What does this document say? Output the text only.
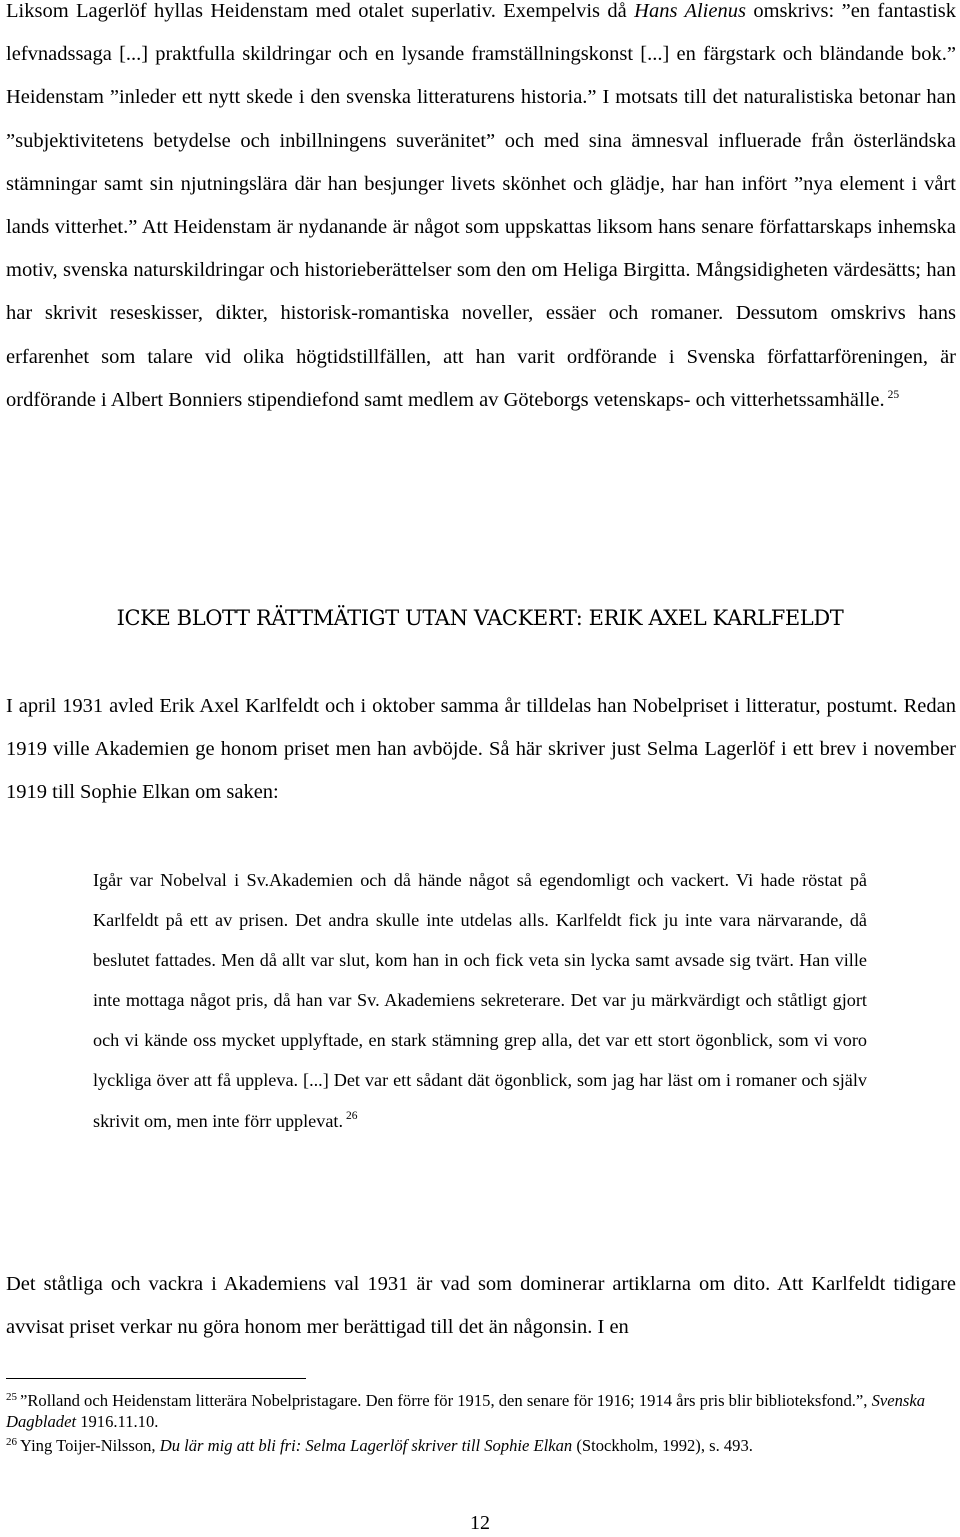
Liksom Lagerlöf hyllas Heidenstam med otalet superlativ. Exempelvis då Hans Alienus omskrivs: ”en fantastisk lefvnadssaga [...] praktfulla skildringar och en lysande framställningskonst [...] en färgstark och bländande bok.” Heidenstam ”inleder ett nytt skede i den svenska litteraturens historia.” I motsats till det naturalistiska betonar han ”subjektivitetens betydelse och inbillningens suveränitet” och med sina ämnesval influerade från österländska stämningar samt sin njutningslära där han besjunger livets skönhet och glädje, har han infört ”nya element i vårt lands vitterhet.” Att Heidenstam är nydanande är något som uppskattas liksom hans senare författarskaps inhemska motiv, svenska naturskildringar och historieberättelser som den om Heliga Birgitta. Mångsidigheten värdesätts; han har skrivit reseskisser, dikter, historisk-romantiska noveller, essäer och romaner. Dessutom omskrivs hans erfarenhet som talare vid olika högtidstillfällen, att han varit ordförande i Svenska författarföreningen, är ordförande i Albert Bonniers stipendiefond samt medlem av Göteborgs vetenskaps- och vitterhetssamhälle. $^{25}$
ICKE BLOTT RÄTTMÄTIGT UTAN VACKERT: ERIK AXEL KARLFELDT
I april 1931 avled Erik Axel Karlfeldt och i oktober samma år tilldelas han Nobelpriset i litteratur, postumt. Redan 1919 ville Akademien ge honom priset men han avböjde. Så här skriver just Selma Lagerlöf i ett brev i november 1919 till Sophie Elkan om saken:
Igår var Nobelval i Sv.Akademien och då hände något så egendomligt och vackert. Vi hade röstat på Karlfeldt på ett av prisen. Det andra skulle inte utdelas alls. Karlfeldt fick ju inte vara närvarande, då beslutet fattades. Men då allt var slut, kom han in och fick veta sin lycka samt avsade sig tvärt. Han ville inte mottaga något pris, då han var Sv. Akademiens sekreterare. Det var ju märkvärdigt och ståtligt gjort och vi kände oss mycket upplyftade, en stark stämning grep alla, det var ett stort ögonblick, som vi voro lyckliga över att få uppleva. [...] Det var ett sådant dät ögonblick, som jag har läst om i romaner och själv skrivit om, men inte förr upplevat. $^{26}$
Det ståtliga och vackra i Akademiens val 1931 är vad som dominerar artiklarna om dito. Att Karlfeldt tidigare avvisat priset verkar nu göra honom mer berättigad till det än någonsin. I en
$^{25}$ ”Rolland och Heidenstam litterära Nobelpristagare. Den förre för 1915, den senare för 1916; 1914 års pris blir biblioteksfond.”, Svenska Dagbladet 1916.11.10.
$^{26}$ Ying Toijer-Nilsson, Du lär mig att bli fri: Selma Lagerlöf skriver till Sophie Elkan (Stockholm, 1992), s. 493.
12
